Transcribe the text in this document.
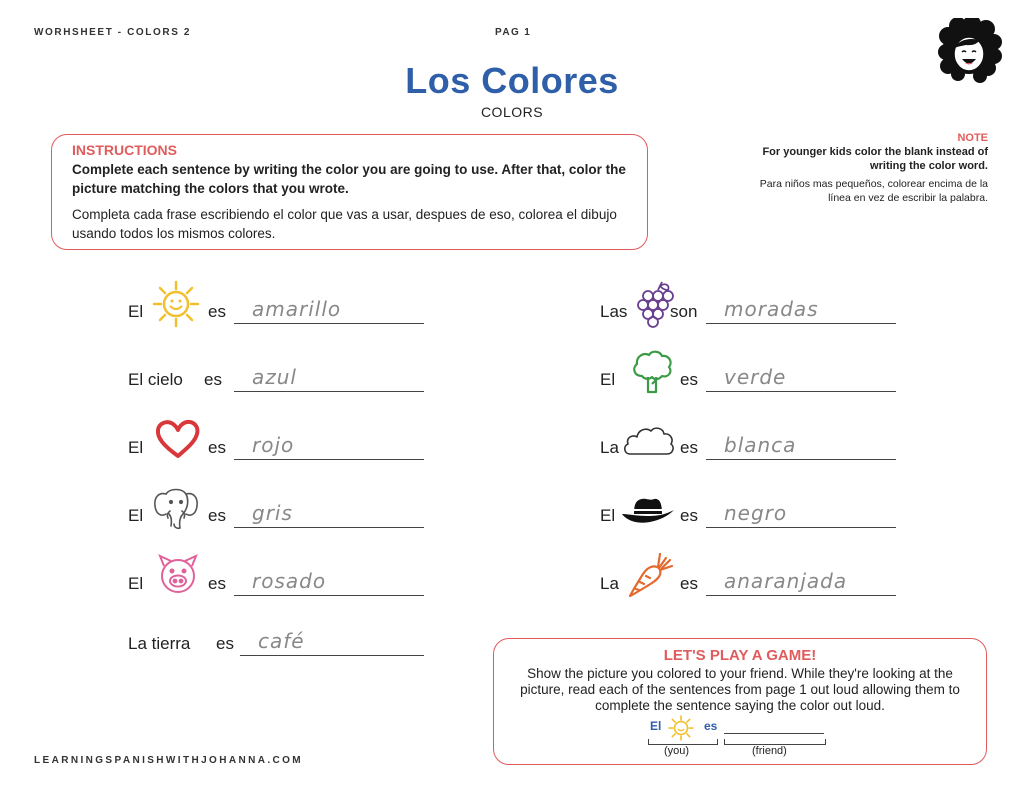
WORHSHEET - COLORS 2	PAG 1
Los Colores
COLORS
INSTRUCTIONS
Complete each sentence by writing the color you are going to use. After that, color the picture matching the colors that you wrote.
Completa cada frase escribiendo el color que vas a usar, despues de eso, colorea el dibujo usando todos los mismos colores.
NOTE
For younger kids color the blank instead of writing the color word.
Para niños mas pequeños, colorear encima de la línea en vez de escribir la palabra.
El	es amarillo
El cielo es azul
El	es rojo
El	es gris
El	es rosado
La tierra es café
Las	son moradas
El	es verde
La	es blanca
El	es negro
La	es anaranjada
LET'S PLAY A GAME!
Show the picture you colored to your friend. While they're looking at the picture, read each of the sentences from page 1 out loud allowing them to complete the sentence saying the color out loud.
El	es
(you)	(friend)
LEARNINGSPANISHWITHJOHANNA.COM
